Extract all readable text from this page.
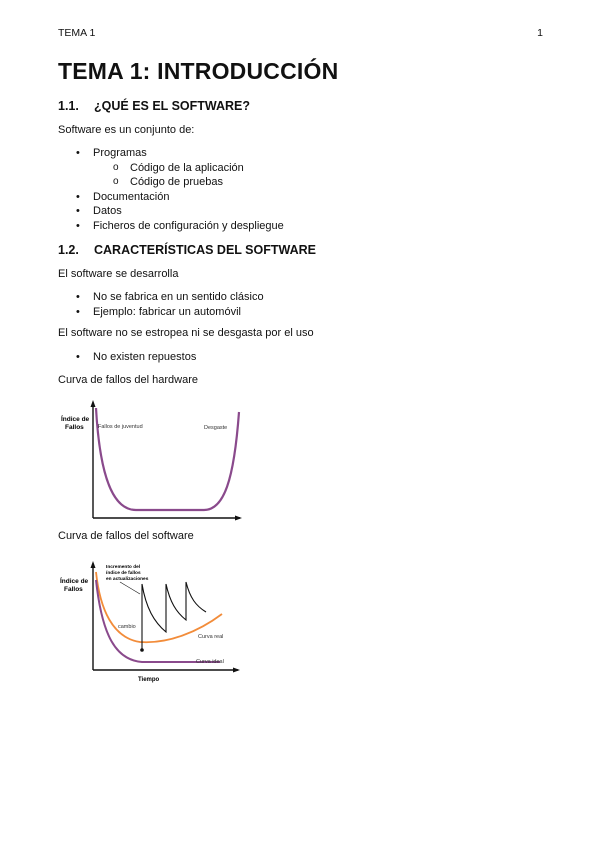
TEMA 1	1
TEMA 1: INTRODUCCIÓN
1.1. ¿QUÉ ES EL SOFTWARE?

Software es un conjunto de:

• Programas
o Código de la aplicación
o Código de pruebas
• Documentación
• Datos
• Ficheros de configuración y despliegue
1.2. CARACTERÍSTICAS DEL SOFTWARE

El software se desarrolla

• No se fabrica en un sentido clásico
• Ejemplo: fabricar un automóvil

El software no se estropea ni se desgasta por el uso

• No existen repuestos

Curva de fallos del hardware

Índice de
Fallos	Fallos de juventud	Desgaste

Curva de fallos del software

Índice de
Fallos
Incremento del
índice de fallos
en actualizaciones
cambio
Curva real
Curva ideal
Tiempo
